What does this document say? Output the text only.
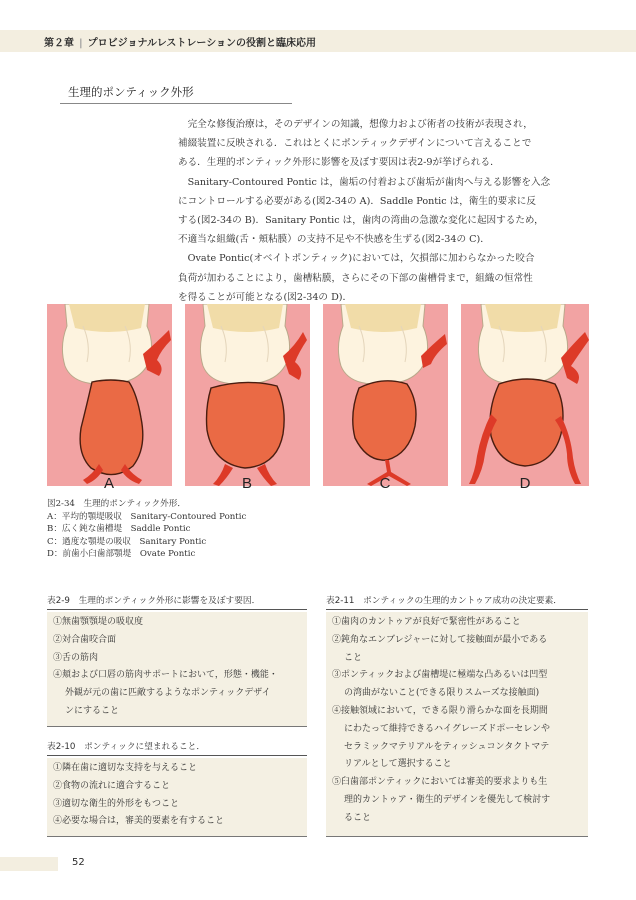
第２章 | プロビジョナルレストレーションの役割と臨床応用
生理的ポンティック外形

　完全な修復治療は，そのデザインの知識，想像力および術者の技術が表現され，
補綴装置に反映される．これはとくにポンティックデザインについて言えることで
ある．生理的ポンティック外形に影響を及ぼす要因は表2-9が挙げられる．

　Sanitary-Contoured Pontic は，歯垢の付着および歯垢が歯肉へ与える影響を入念
にコントロールする必要がある(図2-34の A)．Saddle Pontic は，衛生的要求に反
する(図2-34の B)．Sanitary Pontic は，歯肉の湾曲の急激な変化に起因するため，
不適当な組織(舌・頬粘膜）の支持不足や不快感を生ずる(図2-34の C)．

　Ovate Pontic(オベイトポンティック)においては，欠損部に加わらなかった咬合
負荷が加わることにより，歯槽粘膜，さらにその下部の歯槽骨まで，組織の恒常性
を得ることが可能となる(図2-34の D)．

A	B	C	D
図2-34　生理的ポンティック外形．
A：平均的顎堤吸収　Sanitary-Contoured Pontic
B：広く鈍な歯槽堤　Saddle Pontic
C：過度な顎堤の吸収　Sanitary Pontic
D：前歯小臼歯部顎堤　Ovate Pontic
表2-9　生理的ポンティック外形に影響を及ぼす要因．
①無歯顎顎堤の吸収度
②対合歯咬合面
③舌の筋肉
④頬および口唇の筋肉サポートにおいて，形態・機能・
外観が元の歯に匹敵するようなポンティックデザイ
ンにすること
表2-10　ポンティックに望まれること．
①隣在歯に適切な支持を与えること
②食物の流れに適合すること
③適切な衛生的外形をもつこと
④必要な場合は，審美的要素を有すること
表2-11　ポンティックの生理的カントゥア成功の決定要素．
①歯肉のカントゥアが良好で緊密性があること
②鈍角なエンブレジャーに対して接触面が最小である
こと
③ポンティックおよび歯槽堤に極端な凸あるいは凹型
の湾曲がないこと(できる限りスムーズな接触面)
④接触領域において，できる限り滑らかな面を長期間
にわたって維持できるハイグレーズドポーセレンや
セラミックマテリアルをティッシュコンタクトマテ
リアルとして選択すること
⑤臼歯部ポンティックにおいては審美的要求よりも生
理的カントゥア・衛生的デザインを優先して検討す
ること
52
